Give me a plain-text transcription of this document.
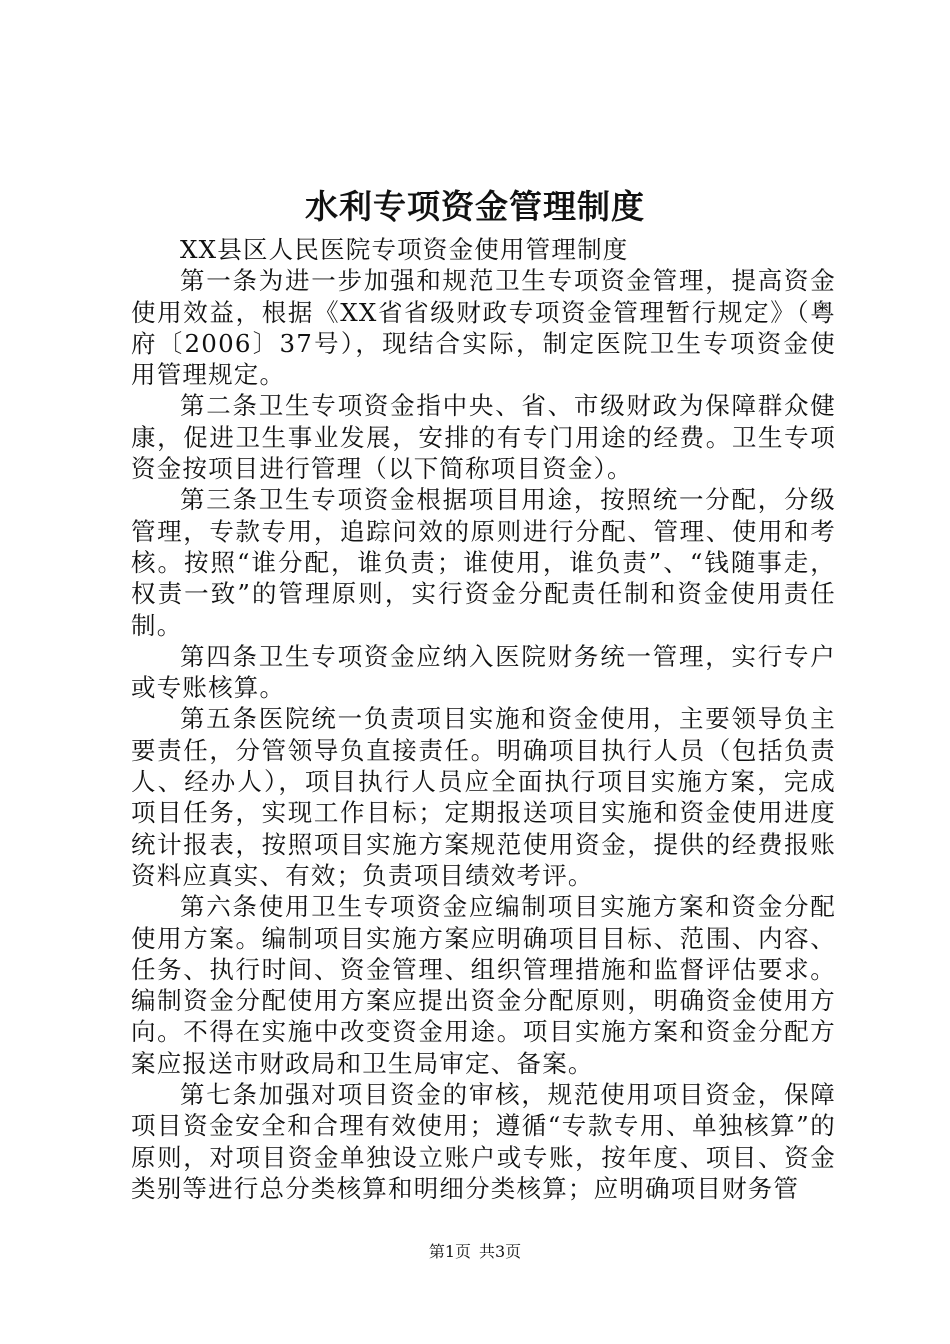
水利专项资金管理制度

XX县区人民医院专项资金使用管理制度

第一条为进一步加强和规范卫生专项资金管理，提高资金使用效益，根据《XX省省级财政专项资金管理暂行规定》（粤府〔2006〕37号），现结合实际，制定医院卫生专项资金使用管理规定。

第二条卫生专项资金指中央、省、市级财政为保障群众健康，促进卫生事业发展，安排的有专门用途的经费。卫生专项资金按项目进行管理（以下简称项目资金）。

第三条卫生专项资金根据项目用途，按照统一分配，分级管理，专款专用，追踪问效的原则进行分配、管理、使用和考核。按照“谁分配，谁负责；谁使用，谁负责”、“钱随事走，权责一致”的管理原则，实行资金分配责任制和资金使用责任制。

第四条卫生专项资金应纳入医院财务统一管理，实行专户或专账核算。

第五条医院统一负责项目实施和资金使用，主要领导负主要责任，分管领导负直接责任。明确项目执行人员（包括负责人、经办人），项目执行人员应全面执行项目实施方案，完成项目任务，实现工作目标；定期报送项目实施和资金使用进度统计报表，按照项目实施方案规范使用资金，提供的经费报账资料应真实、有效；负责项目绩效考评。

第六条使用卫生专项资金应编制项目实施方案和资金分配使用方案。编制项目实施方案应明确项目目标、范围、内容、任务、执行时间、资金管理、组织管理措施和监督评估要求。编制资金分配使用方案应提出资金分配原则，明确资金使用方向。不得在实施中改变资金用途。项目实施方案和资金分配方案应报送市财政局和卫生局审定、备案。

第七条加强对项目资金的审核，规范使用项目资金，保障项目资金安全和合理有效使用；遵循“专款专用、单独核算”的原则，对项目资金单独设立账户或专账，按年度、项目、资金类别等进行总分类核算和明细分类核算；应明确项目财务管

第1页 共3页
